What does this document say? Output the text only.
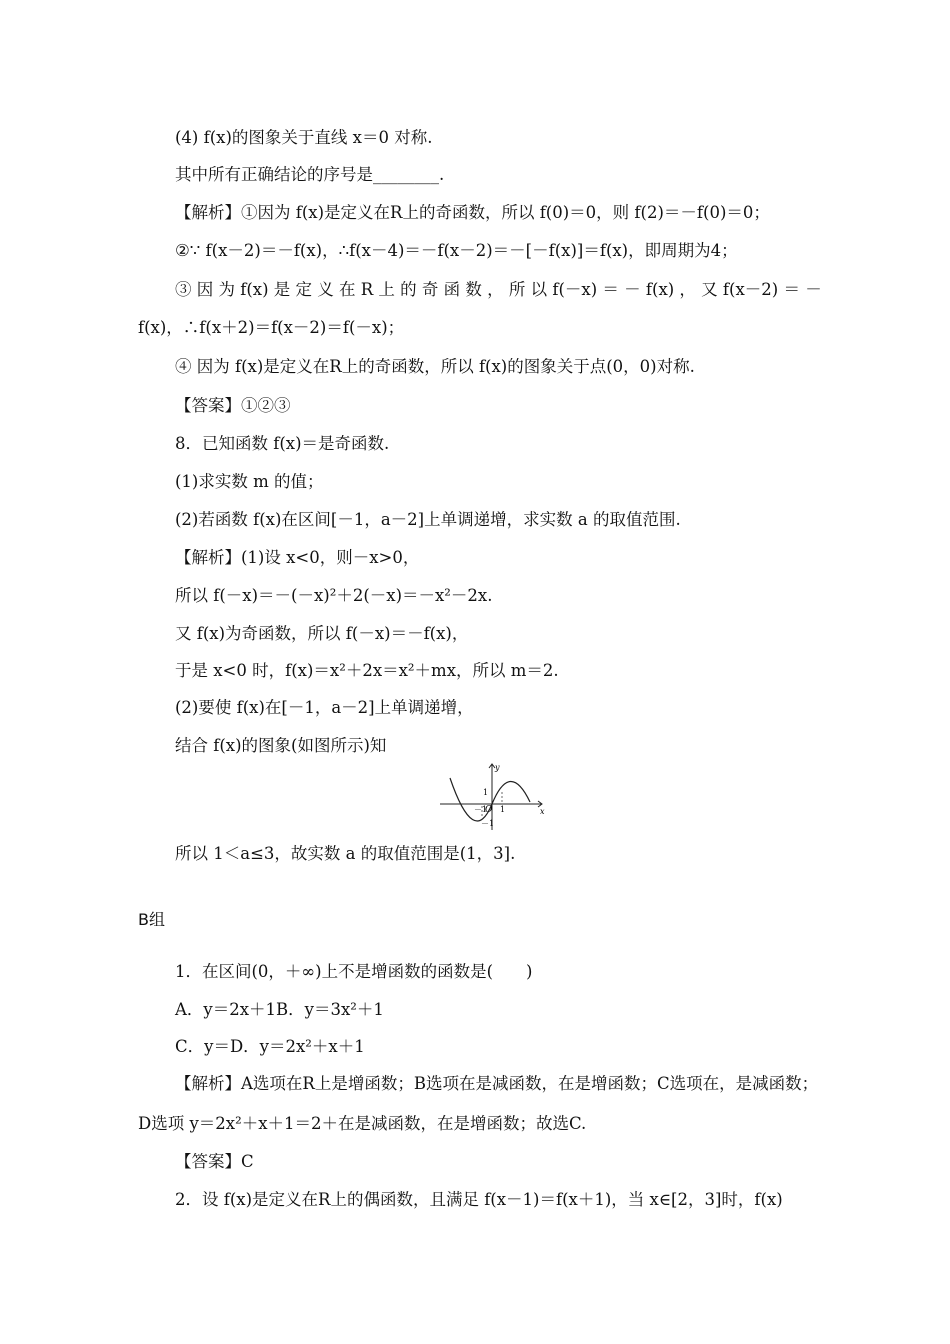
(4) f(x)的图象关于直线 x＝0 对称.
其中所有正确结论的序号是________.
【解析】①因为 f(x)是定义在R上的奇函数，所以 f(0)＝0，则 f(2)＝－f(0)＝0；
②∵ f(x－2)＝－f(x)，∴f(x－4)＝－f(x－2)＝－[－f(x)]＝f(x)，即周期为4；
③ 因 为 f(x) 是 定 义 在 R 上 的 奇 函 数 ， 所 以 f(－x) ＝ － f(x) ， 又 f(x－2) ＝ －
f(x)，∴f(x＋2)＝f(x－2)＝f(－x)；
④ 因为 f(x)是定义在R上的奇函数，所以 f(x)的图象关于点(0，0)对称.
【答案】①②③
8．已知函数 f(x)＝是奇函数.
(1)求实数 m 的值；
(2)若函数 f(x)在区间[－1，a－2]上单调递增，求实数 a 的取值范围.
【解析】(1)设 x<0，则－x>0，
所以 f(－x)＝－(－x)²＋2(－x)＝－x²－2x.
又 f(x)为奇函数，所以 f(－x)＝－f(x)，
于是 x<0 时，f(x)＝x²＋2x＝x²＋mx，所以 m＝2.
(2)要使 f(x)在[－1，a－2]上单调递增，
结合 f(x)的图象(如图所示)知
y
x
O 1
－1
1
－1
所以 1＜a≤3，故实数 a 的取值范围是(1，3].
B组
1．在区间(0，＋∞)上不是增函数的函数是(　　)
A．y＝2x＋1B．y＝3x²＋1
C．y＝D．y＝2x²＋x＋1
【解析】A选项在R上是增函数；B选项在是减函数，在是增函数；C选项在，是减函数；
D选项 y＝2x²＋x＋1＝2＋在是减函数，在是增函数；故选C.
【答案】C
2．设 f(x)是定义在R上的偶函数，且满足 f(x－1)＝f(x＋1)，当 x∈[2，3]时，f(x)
